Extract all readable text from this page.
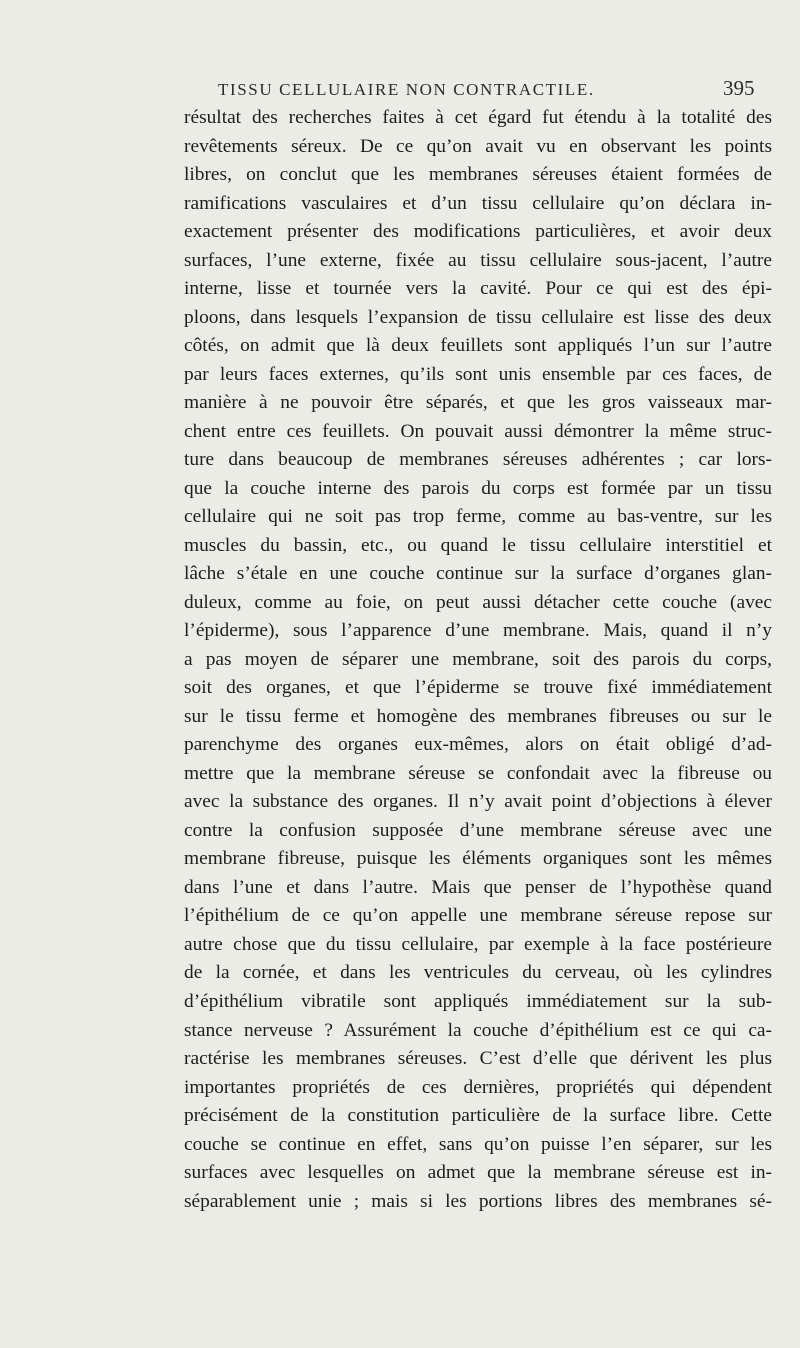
TISSU CELLULAIRE NON CONTRACTILE.	395
résultat des recherches faites à cet égard fut étendu à la totalité des
revêtements séreux. De ce qu’on avait vu en observant les points
libres, on conclut que les membranes séreuses étaient formées de
ramifications vasculaires et d’un tissu cellulaire qu’on déclara in-
exactement présenter des modifications particulières, et avoir deux
surfaces, l’une externe, fixée au tissu cellulaire sous-jacent, l’autre
interne, lisse et tournée vers la cavité. Pour ce qui est des épi-
ploons, dans lesquels l’expansion de tissu cellulaire est lisse des deux
côtés, on admit que là deux feuillets sont appliqués l’un sur l’autre
par leurs faces externes, qu’ils sont unis ensemble par ces faces, de
manière à ne pouvoir être séparés, et que les gros vaisseaux mar-
chent entre ces feuillets. On pouvait aussi démontrer la même struc-
ture dans beaucoup de membranes séreuses adhérentes ; car lors-
que la couche interne des parois du corps est formée par un tissu
cellulaire qui ne soit pas trop ferme, comme au bas-ventre, sur les
muscles du bassin, etc., ou quand le tissu cellulaire interstitiel et
lâche s’étale en une couche continue sur la surface d’organes glan-
duleux, comme au foie, on peut aussi détacher cette couche (avec
l’épiderme), sous l’apparence d’une membrane. Mais, quand il n’y
a pas moyen de séparer une membrane, soit des parois du corps,
soit des organes, et que l’épiderme se trouve fixé immédiatement
sur le tissu ferme et homogène des membranes fibreuses ou sur le
parenchyme des organes eux-mêmes, alors on était obligé d’ad-
mettre que la membrane séreuse se confondait avec la fibreuse ou
avec la substance des organes. Il n’y avait point d’objections à élever
contre la confusion supposée d’une membrane séreuse avec une
membrane fibreuse, puisque les éléments organiques sont les mêmes
dans l’une et dans l’autre. Mais que penser de l’hypothèse quand
l’épithélium de ce qu’on appelle une membrane séreuse repose sur
autre chose que du tissu cellulaire, par exemple à la face postérieure
de la cornée, et dans les ventricules du cerveau, où les cylindres
d’épithélium vibratile sont appliqués immédiatement sur la sub-
stance nerveuse ? Assurément la couche d’épithélium est ce qui ca-
ractérise les membranes séreuses. C’est d’elle que dérivent les plus
importantes propriétés de ces dernières, propriétés qui dépendent
précisément de la constitution particulière de la surface libre. Cette
couche se continue en effet, sans qu’on puisse l’en séparer, sur les
surfaces avec lesquelles on admet que la membrane séreuse est in-
séparablement unie ; mais si les portions libres des membranes sé-
